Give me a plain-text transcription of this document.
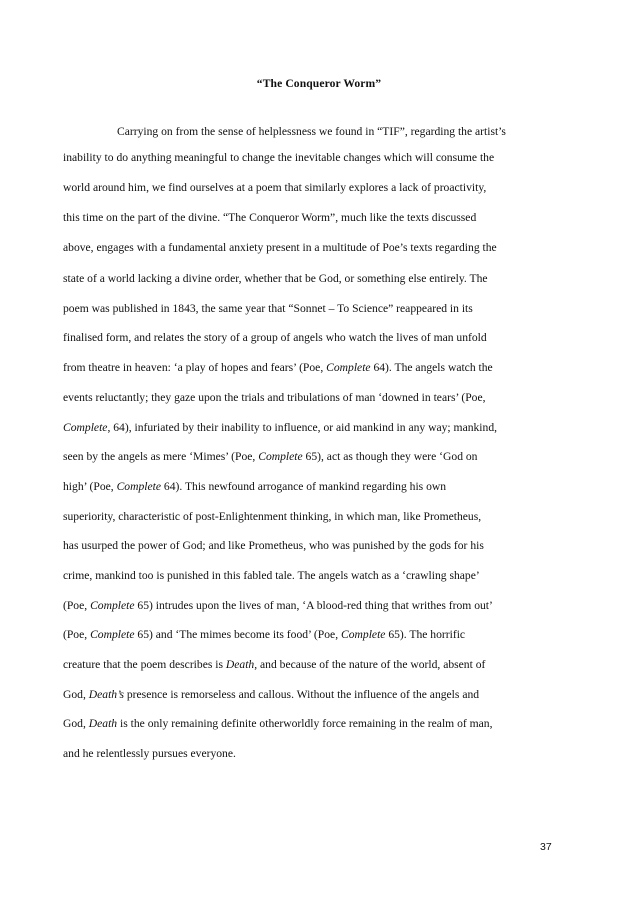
“The Conqueror Worm”
Carrying on from the sense of helplessness we found in “TIF”, regarding the artist’s
inability to do anything meaningful to change the inevitable changes which will consume the
world around him, we find ourselves at a poem that similarly explores a lack of proactivity,
this time on the part of the divine. “The Conqueror Worm”, much like the texts discussed
above, engages with a fundamental anxiety present in a multitude of Poe’s texts regarding the
state of a world lacking a divine order, whether that be God, or something else entirely. The
poem was published in 1843, the same year that “Sonnet – To Science” reappeared in its
finalised form, and relates the story of a group of angels who watch the lives of man unfold
from theatre in heaven: ‘a play of hopes and fears’ (Poe, Complete 64). The angels watch the
events reluctantly; they gaze upon the trials and tribulations of man ‘downed in tears’ (Poe,
Complete, 64), infuriated by their inability to influence, or aid mankind in any way; mankind,
seen by the angels as mere ‘Mimes’ (Poe, Complete 65), act as though they were ‘God on
high’ (Poe, Complete 64). This newfound arrogance of mankind regarding his own
superiority, characteristic of post-Enlightenment thinking, in which man, like Prometheus,
has usurped the power of God; and like Prometheus, who was punished by the gods for his
crime, mankind too is punished in this fabled tale. The angels watch as a ‘crawling shape’
(Poe, Complete 65) intrudes upon the lives of man, ‘A blood-red thing that writhes from out’
(Poe, Complete 65) and ‘The mimes become its food’ (Poe, Complete 65). The horrific
creature that the poem describes is Death, and because of the nature of the world, absent of
God, Death’s presence is remorseless and callous. Without the influence of the angels and
God, Death is the only remaining definite otherworldly force remaining in the realm of man,
and he relentlessly pursues everyone.
37
